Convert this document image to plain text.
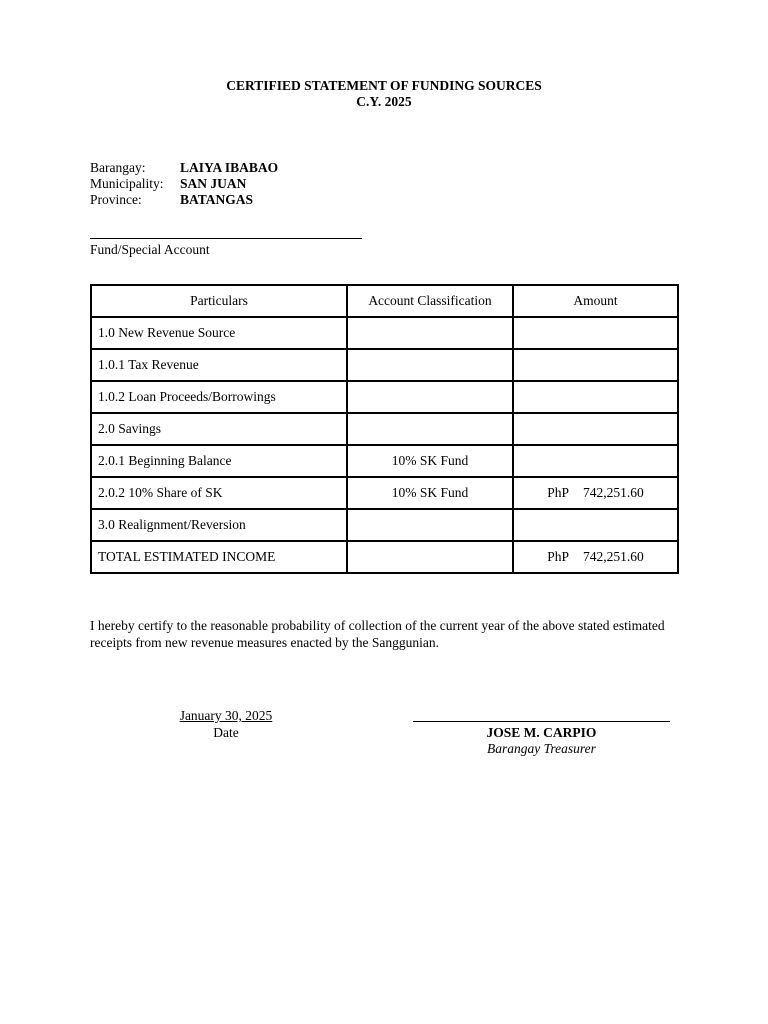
CERTIFIED STATEMENT OF FUNDING SOURCES
C.Y. 2025
Barangay:	LAIYA IBABAO
Municipality: SAN JUAN
Province:	BATANGAS
Fund/Special Account
Particulars	Account Classification	Amount
1.0 New Revenue Source		
1.0.1 Tax Revenue		
1.0.2 Loan Proceeds/Borrowings		
2.0 Savings		
2.0.1 Beginning Balance	10% SK Fund	
2.0.2 10% Share of SK	10% SK Fund	PhP 742,251.60
3.0 Realignment/Reversion		
TOTAL ESTIMATED INCOME		PhP 742,251.60
I hereby certify to the reasonable probability of collection of the current year of the above stated estimated receipts from new revenue measures enacted by the Sanggunian.
January 30, 2025
Date	JOSE M. CARPIO
Barangay Treasurer
